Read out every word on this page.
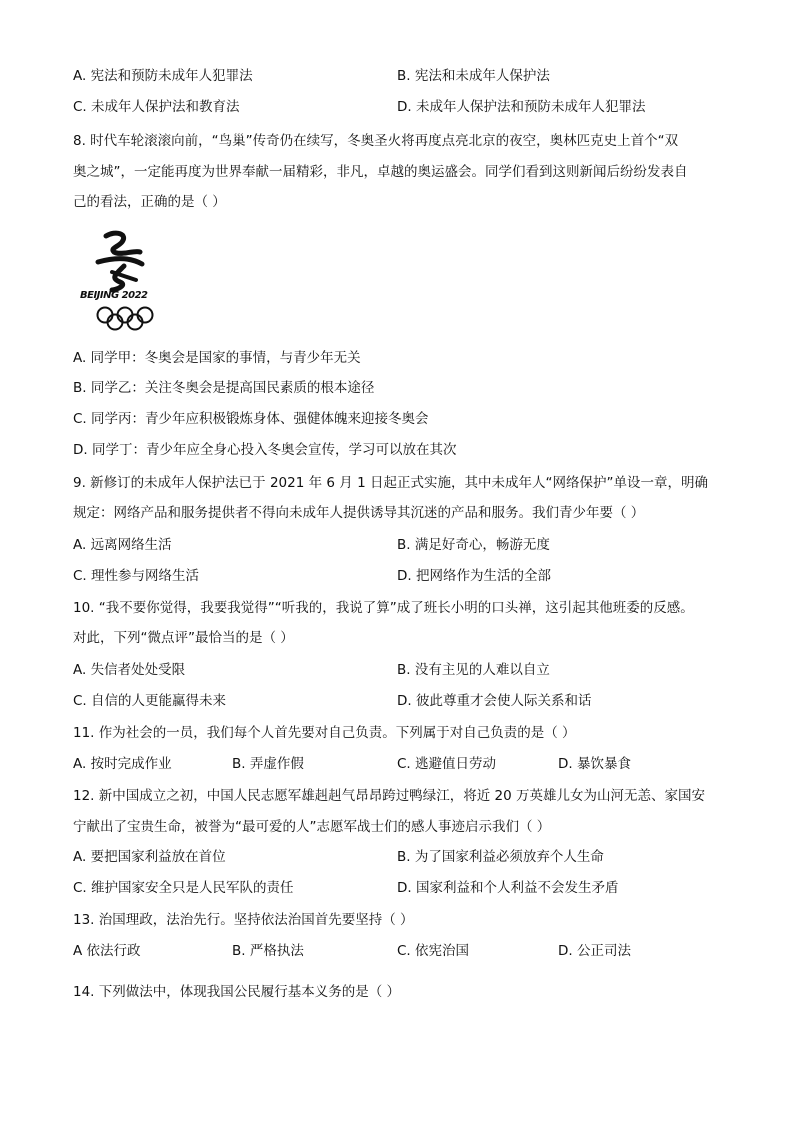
A. 宪法和预防未成年人犯罪法	B. 宪法和未成年人保护法
C. 未成年人保护法和教育法	D. 未成年人保护法和预防未成年人犯罪法
8. 时代车轮滚滚向前，“鸟巢”传奇仍在续写，冬奥圣火将再度点亮北京的夜空，奥林匹克史上首个“双
奥之城”，一定能再度为世界奉献一届精彩，非凡，卓越的奥运盛会。同学们看到这则新闻后纷纷发表自
己的看法，正确的是（ ）
BEIJING 2022
A. 同学甲：冬奥会是国家的事情，与青少年无关
B. 同学乙：关注冬奥会是提高国民素质的根本途径
C. 同学丙：青少年应积极锻炼身体、强健体魄来迎接冬奥会
D. 同学丁：青少年应全身心投入冬奥会宣传，学习可以放在其次
9. 新修订的未成年人保护法已于 2021 年 6 月 1 日起正式实施，其中未成年人“网络保护”单设一章，明确
规定：网络产品和服务提供者不得向未成年人提供诱导其沉迷的产品和服务。我们青少年要（ ）
A. 远离网络生活	B. 满足好奇心，畅游无度
C. 理性参与网络生活	D. 把网络作为生活的全部
10. “我不要你觉得，我要我觉得”“听我的，我说了算”成了班长小明的口头禅，这引起其他班委的反感。
对此，下列“微点评”最恰当的是（ ）
A. 失信者处处受限	B. 没有主见的人难以自立
C. 自信的人更能赢得未来	D. 彼此尊重才会使人际关系和话
11. 作为社会的一员，我们每个人首先要对自己负责。下列属于对自己负责的是（ ）
A. 按时完成作业	B. 弄虚作假	C. 逃避值日劳动	D. 暴饮暴食
12. 新中国成立之初，中国人民志愿军雄赳赳气昂昂跨过鸭绿江，将近 20 万英雄儿女为山河无恙、家国安
宁献出了宝贵生命，被誉为“最可爱的人”志愿军战士们的感人事迹启示我们（ ）
A. 要把国家利益放在首位	B. 为了国家利益必须放弃个人生命
C. 维护国家安全只是人民军队的责任	D. 国家利益和个人利益不会发生矛盾
13. 治国理政，法治先行。坚持依法治国首先要坚持（ ）
A 依法行政	B. 严格执法	C. 依宪治国	D. 公正司法
14. 下列做法中，体现我国公民履行基本义务的是（ ）
